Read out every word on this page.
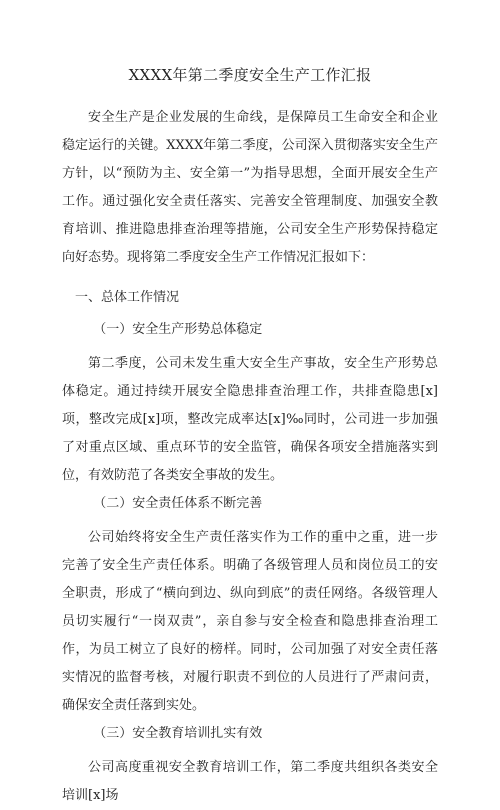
XXXX年第二季度安全生产工作汇报

安全生产是企业发展的生命线，是保障员工生命安全和企业稳定运行的关键。XXXX年第二季度，公司深入贯彻落实安全生产方针，以“预防为主、安全第一”为指导思想，全面开展安全生产工作。通过强化安全责任落实、完善安全管理制度、加强安全教育培训、推进隐患排查治理等措施，公司安全生产形势保持稳定向好态势。现将第二季度安全生产工作情况汇报如下：

一、总体工作情况
（一）安全生产形势总体稳定

第二季度，公司未发生重大安全生产事故，安全生产形势总体稳定。通过持续开展安全隐患排查治理工作，共排查隐患[x]项，整改完成[x]项，整改完成率达[x]‰同时，公司进一步加强了对重点区域、重点环节的安全监管，确保各项安全措施落实到位，有效防范了各类安全事故的发生。

（二）安全责任体系不断完善

公司始终将安全生产责任落实作为工作的重中之重，进一步完善了安全生产责任体系。明确了各级管理人员和岗位员工的安全职责，形成了“横向到边、纵向到底”的责任网络。各级管理人员切实履行“一岗双责”，亲自参与安全检查和隐患排查治理工作，为员工树立了良好的榜样。同时，公司加强了对安全责任落实情况的监督考核，对履行职责不到位的人员进行了严肃问责，确保安全责任落到实处。

（三）安全教育培训扎实有效

公司高度重视安全教育培训工作，第二季度共组织各类安全培训[x]场
